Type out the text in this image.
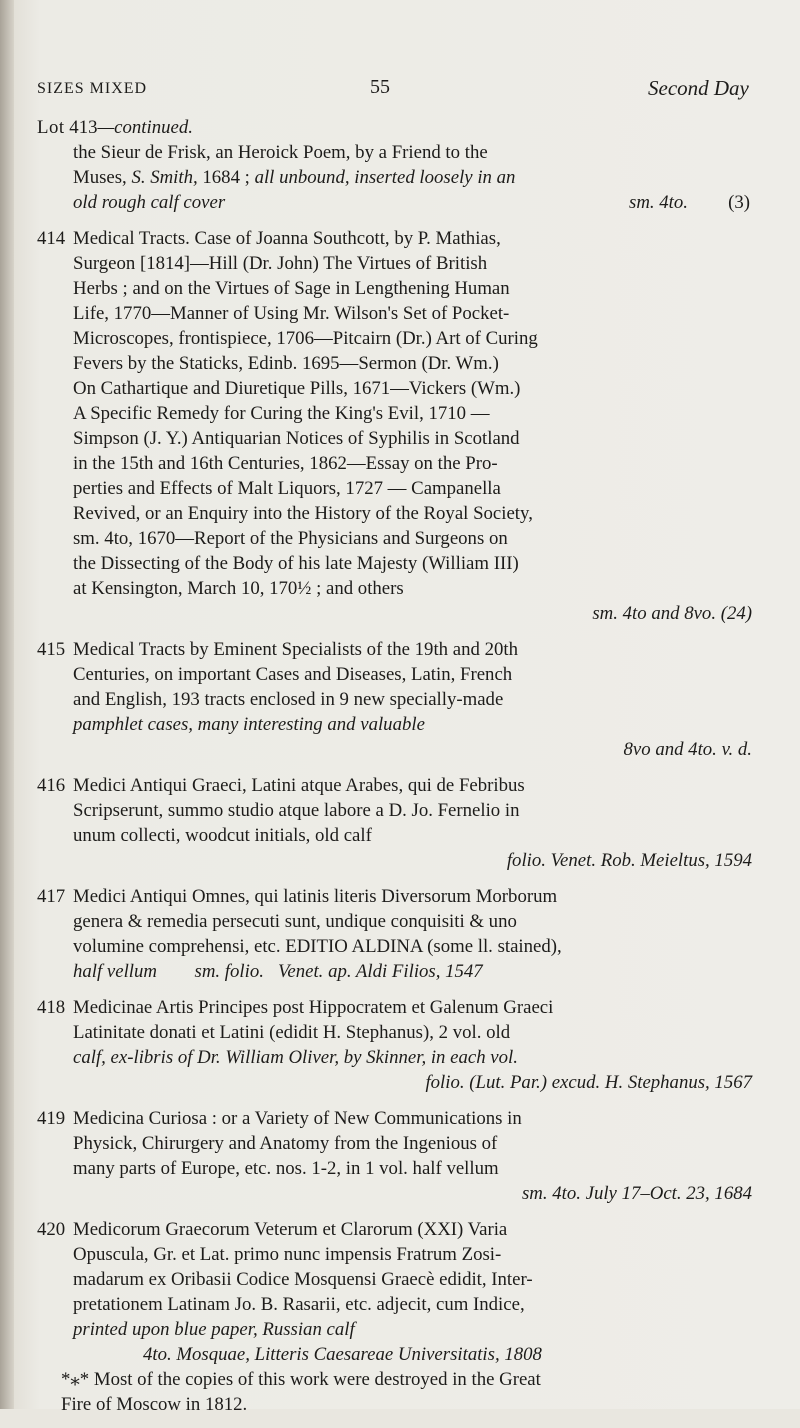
SIZES MIXED	55	Second Day
Lot 413—continued.
the Sieur de Frisk, an Heroick Poem, by a Friend to the
Muses, S. Smith, 1684 ; all unbound, inserted loosely in an
old rough calf cover	sm. 4to.	(3)
414 Medical Tracts. Case of Joanna Southcott, by P. Mathias,
Surgeon [1814]—Hill (Dr. John) The Virtues of British
Herbs ; and on the Virtues of Sage in Lengthening Human
Life, 1770—Manner of Using Mr. Wilson's Set of Pocket-
Microscopes, frontispiece, 1706—Pitcairn (Dr.) Art of Curing
Fevers by the Staticks, Edinb. 1695—Sermon (Dr. Wm.)
On Cathartique and Diuretique Pills, 1671—Vickers (Wm.)
A Specific Remedy for Curing the King's Evil, 1710 —
Simpson (J. Y.) Antiquarian Notices of Syphilis in Scotland
in the 15th and 16th Centuries, 1862—Essay on the Pro-
perties and Effects of Malt Liquors, 1727 — Campanella
Revived, or an Enquiry into the History of the Royal Society,
sm. 4to, 1670—Report of the Physicians and Surgeons on
the Dissecting of the Body of his late Majesty (William III)
at Kensington, March 10, 170½ ; and others
sm. 4to and 8vo. (24)
415 Medical Tracts by Eminent Specialists of the 19th and 20th
Centuries, on important Cases and Diseases, Latin, French
and English, 193 tracts enclosed in 9 new specially-made
pamphlet cases, many interesting and valuable
8vo and 4to. v. d.
416 Medici Antiqui Graeci, Latini atque Arabes, qui de Febribus
Scripserunt, summo studio atque labore a D. Jo. Fernelio in
unum collecti, woodcut initials, old calf
folio. Venet. Rob. Meieltus, 1594
417 Medici Antiqui Omnes, qui latinis literis Diversorum Morborum
genera & remedia persecuti sunt, undique conquisiti & uno
volumine comprehensi, etc. EDITIO ALDINA (some ll. stained),
half vellum        sm. folio.   Venet. ap. Aldi Filios, 1547
418 Medicinae Artis Principes post Hippocratem et Galenum Graeci
Latinitate donati et Latini (edidit H. Stephanus), 2 vol. old
calf, ex-libris of Dr. William Oliver, by Skinner, in each vol.
folio. (Lut. Par.) excud. H. Stephanus, 1567
419 Medicina Curiosa : or a Variety of New Communications in
Physick, Chirurgery and Anatomy from the Ingenious of
many parts of Europe, etc. nos. 1-2, in 1 vol. half vellum
sm. 4to. July 17–Oct. 23, 1684
420 Medicorum Graecorum Veterum et Clarorum (XXI) Varia
Opuscula, Gr. et Lat. primo nunc impensis Fratrum Zosi-
madarum ex Oribasii Codice Mosquensi Graecè edidit, Inter-
pretationem Latinam Jo. B. Rasarii, etc. adjecit, cum Indice,
printed upon blue paper, Russian calf
4to. Mosquae, Litteris Caesareae Universitatis, 1808
*⁎* Most of the copies of this work were destroyed in the Great
Fire of Moscow in 1812.
